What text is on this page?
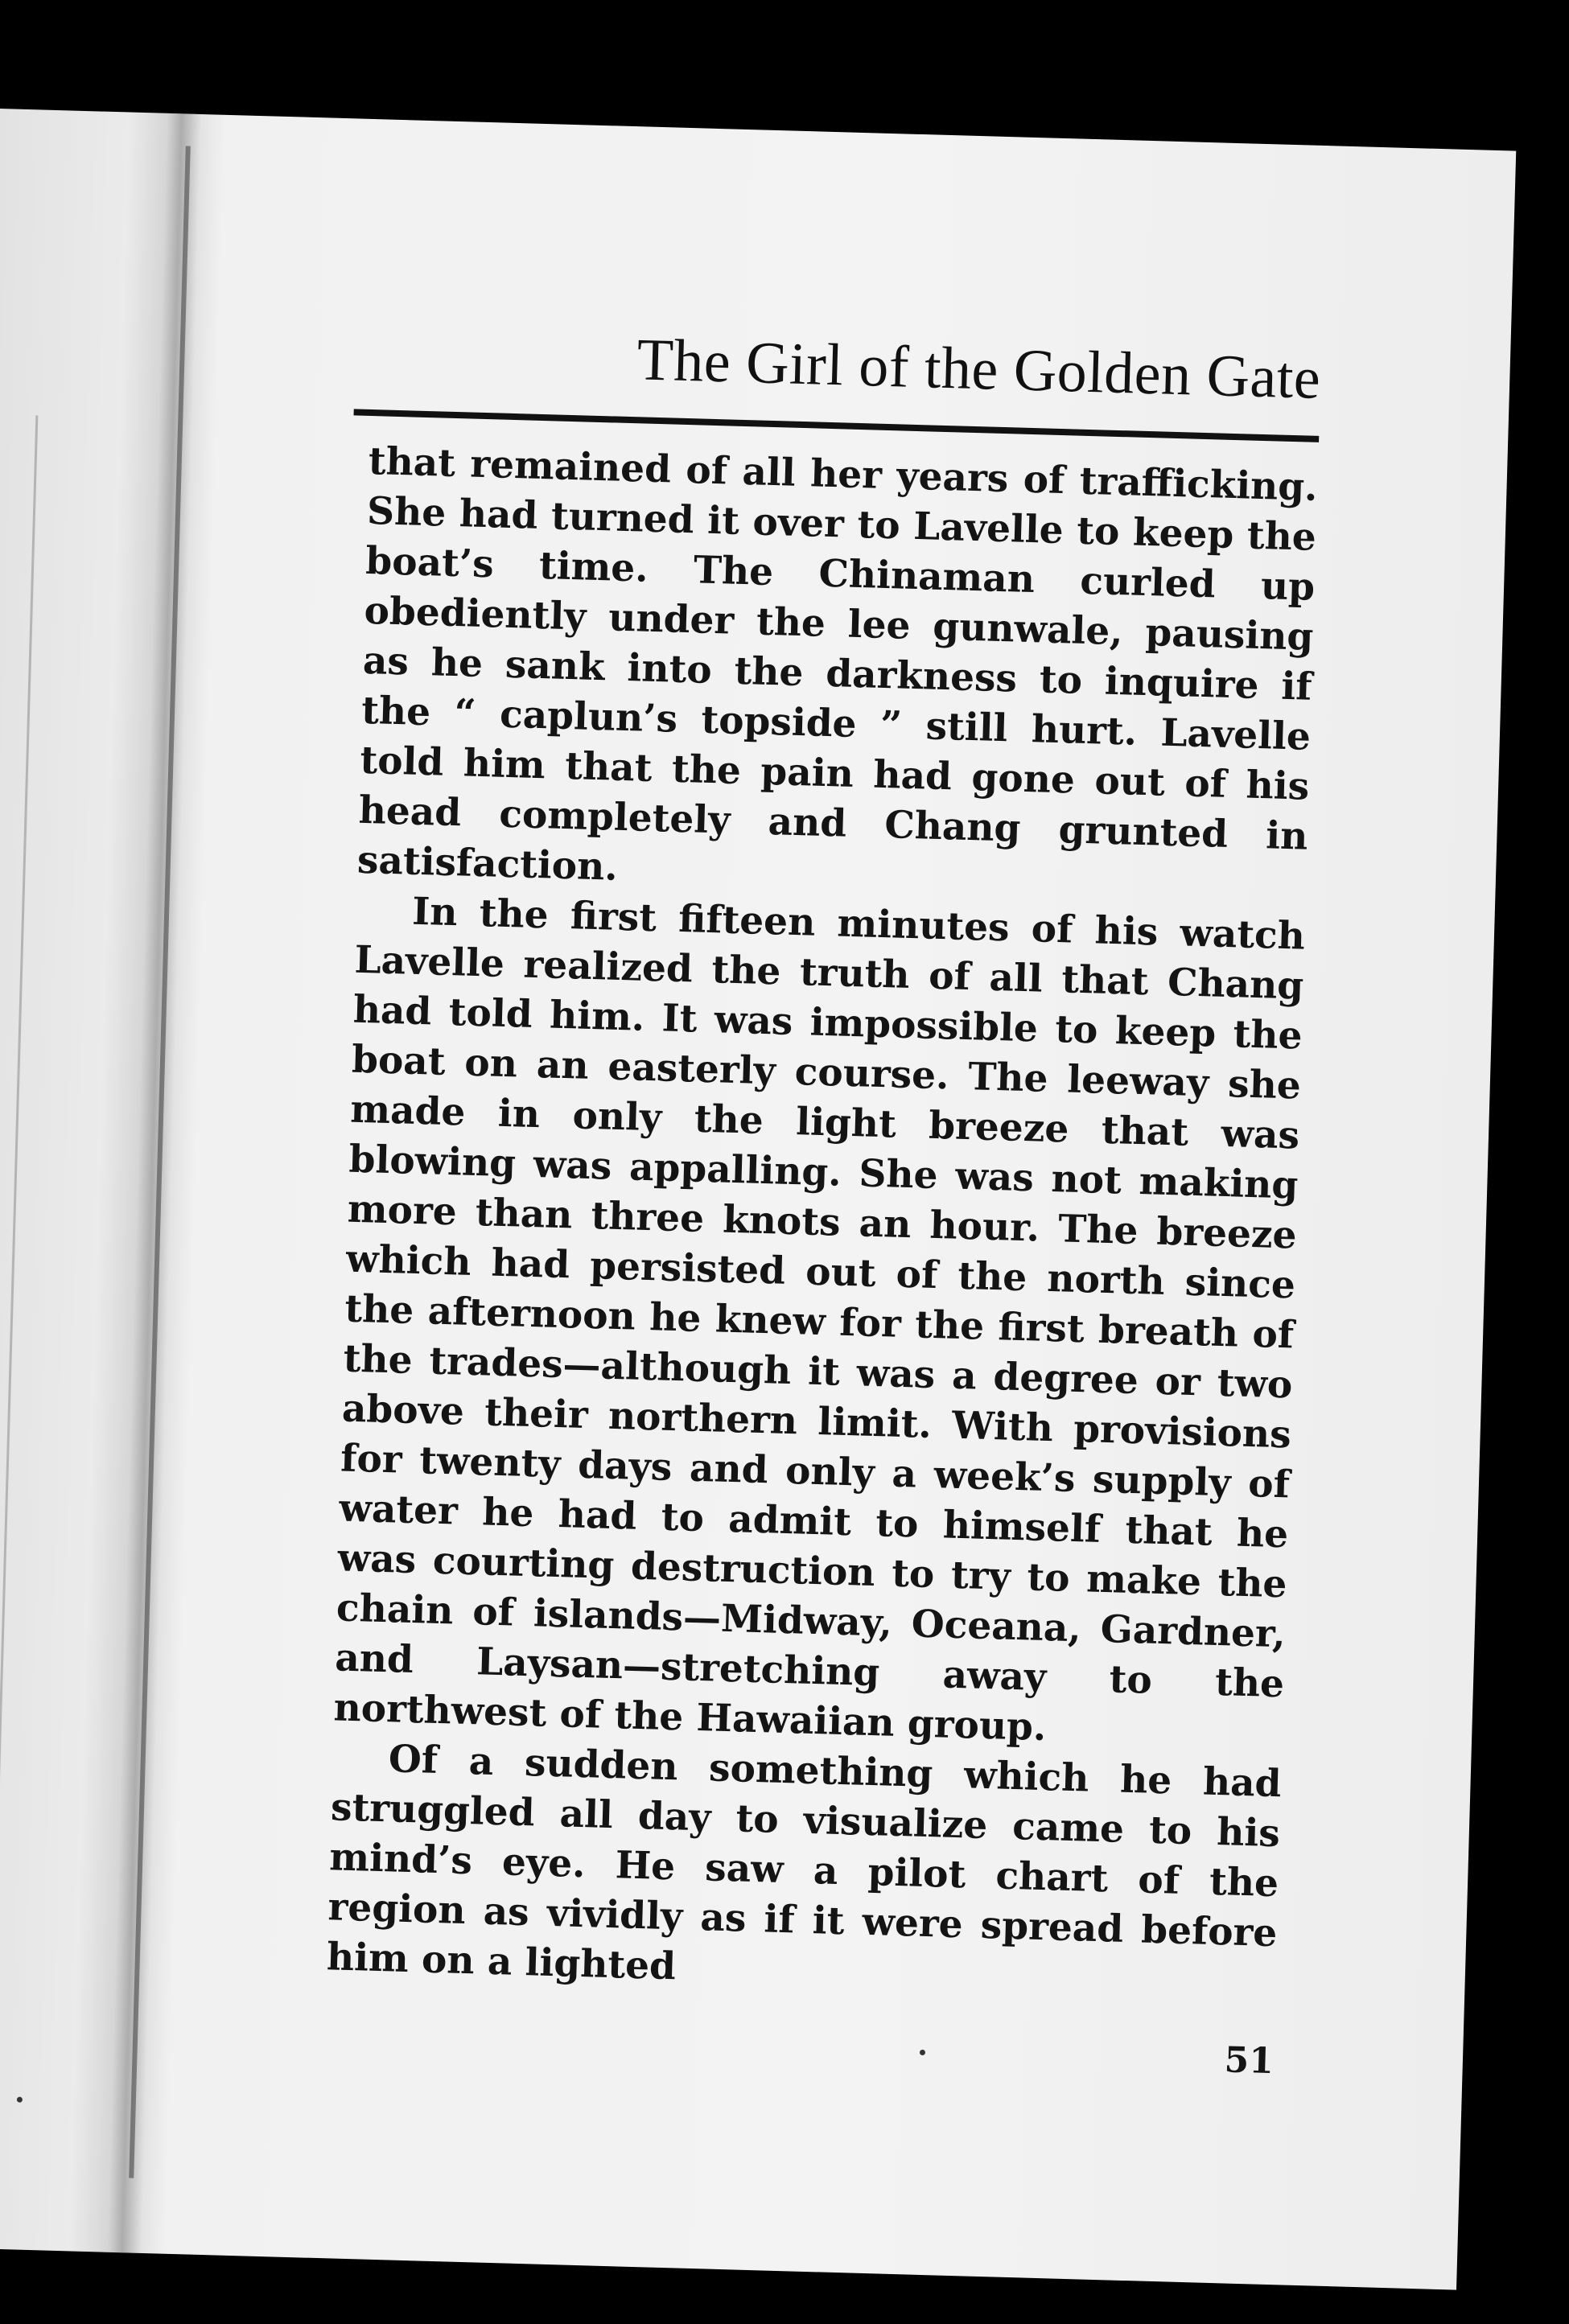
The Girl of the Golden Gate

that remained of all her years of trafficking. She had turned it over to Lavelle to keep the boat’s time. The Chinaman curled up obediently under the lee gunwale, pausing as he sank into the darkness to inquire if the “ caplun’s topside ” still hurt. Lavelle told him that the pain had gone out of his head completely and Chang grunted in satisfaction.

In the first fifteen minutes of his watch Lavelle realized the truth of all that Chang had told him. It was impossible to keep the boat on an easterly course. The leeway she made in only the light breeze that was blowing was appalling. She was not making more than three knots an hour. The breeze which had persisted out of the north since the afternoon he knew for the first breath of the trades—although it was a degree or two above their northern limit. With provisions for twenty days and only a week’s supply of water he had to admit to himself that he was courting destruction to try to make the chain of islands—Midway, Oceana, Gardner, and Laysan—stretching away to the northwest of the Hawaiian group.

Of a sudden something which he had struggled all day to visualize came to his mind’s eye. He saw a pilot chart of the region as vividly as if it were spread before him on a lighted

51
